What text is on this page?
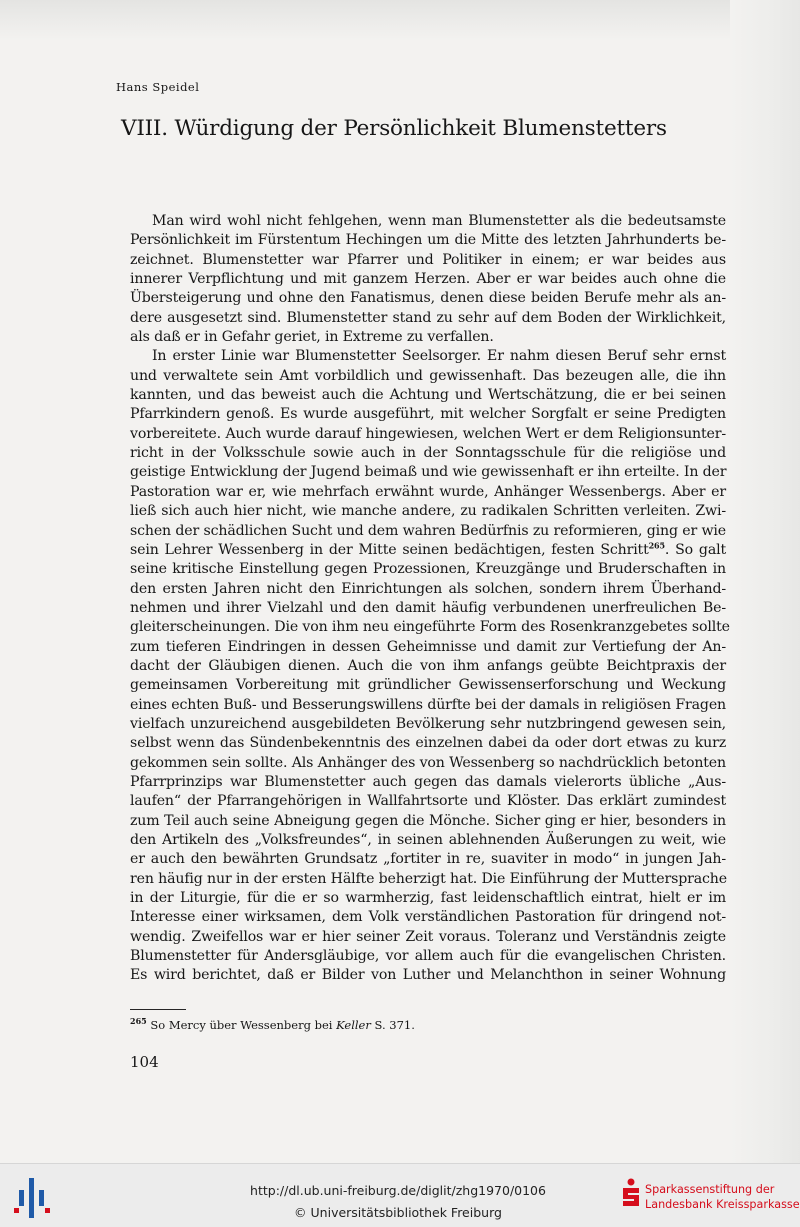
Hans Speidel
VIII. Würdigung der Persönlichkeit Blumenstetters
Man wird wohl nicht fehlgehen, wenn man Blumenstetter als die bedeutsamste
Persönlichkeit im Fürstentum Hechingen um die Mitte des letzten Jahrhunderts be-
zeichnet. Blumenstetter war Pfarrer und Politiker in einem; er war beides aus
innerer Verpflichtung und mit ganzem Herzen. Aber er war beides auch ohne die
Übersteigerung und ohne den Fanatismus, denen diese beiden Berufe mehr als an-
dere ausgesetzt sind. Blumenstetter stand zu sehr auf dem Boden der Wirklichkeit,
als daß er in Gefahr geriet, in Extreme zu verfallen.
In erster Linie war Blumenstetter Seelsorger. Er nahm diesen Beruf sehr ernst
und verwaltete sein Amt vorbildlich und gewissenhaft. Das bezeugen alle, die ihn
kannten, und das beweist auch die Achtung und Wertschätzung, die er bei seinen
Pfarrkindern genoß. Es wurde ausgeführt, mit welcher Sorgfalt er seine Predigten
vorbereitete. Auch wurde darauf hingewiesen, welchen Wert er dem Religionsunter-
richt in der Volksschule sowie auch in der Sonntagsschule für die religiöse und
geistige Entwicklung der Jugend beimaß und wie gewissenhaft er ihn erteilte. In der
Pastoration war er, wie mehrfach erwähnt wurde, Anhänger Wessenbergs. Aber er
ließ sich auch hier nicht, wie manche andere, zu radikalen Schritten verleiten. Zwi-
schen der schädlichen Sucht und dem wahren Bedürfnis zu reformieren, ging er wie
sein Lehrer Wessenberg in der Mitte seinen bedächtigen, festen Schritt$^{265}$. So galt
seine kritische Einstellung gegen Prozessionen, Kreuzgänge und Bruderschaften in
den ersten Jahren nicht den Einrichtungen als solchen, sondern ihrem Überhand-
nehmen und ihrer Vielzahl und den damit häufig verbundenen unerfreulichen Be-
gleiterscheinungen. Die von ihm neu eingeführte Form des Rosenkranzgebetes sollte
zum tieferen Eindringen in dessen Geheimnisse und damit zur Vertiefung der An-
dacht der Gläubigen dienen. Auch die von ihm anfangs geübte Beichtpraxis der
gemeinsamen Vorbereitung mit gründlicher Gewissenserforschung und Weckung
eines echten Buß- und Besserungswillens dürfte bei der damals in religiösen Fragen
vielfach unzureichend ausgebildeten Bevölkerung sehr nutzbringend gewesen sein,
selbst wenn das Sündenbekenntnis des einzelnen dabei da oder dort etwas zu kurz
gekommen sein sollte. Als Anhänger des von Wessenberg so nachdrücklich betonten
Pfarrprinzips war Blumenstetter auch gegen das damals vielerorts übliche „Aus-
laufen“ der Pfarrangehörigen in Wallfahrtsorte und Klöster. Das erklärt zumindest
zum Teil auch seine Abneigung gegen die Mönche. Sicher ging er hier, besonders in
den Artikeln des „Volksfreundes“, in seinen ablehnenden Äußerungen zu weit, wie
er auch den bewährten Grundsatz „fortiter in re, suaviter in modo“ in jungen Jah-
ren häufig nur in der ersten Hälfte beherzigt hat. Die Einführung der Muttersprache
in der Liturgie, für die er so warmherzig, fast leidenschaftlich eintrat, hielt er im
Interesse einer wirksamen, dem Volk verständlichen Pastoration für dringend not-
wendig. Zweifellos war er hier seiner Zeit voraus. Toleranz und Verständnis zeigte
Blumenstetter für Andersgläubige, vor allem auch für die evangelischen Christen.
Es wird berichtet, daß er Bilder von Luther und Melanchthon in seiner Wohnung
$^{265}$ So Mercy über Wessenberg bei Keller S. 371.
104
http://dl.ub.uni-freiburg.de/diglit/zhg1970/0106
© Universitätsbibliothek Freiburg
Sparkassenstiftung der
Landesbank Kreissparkasse
